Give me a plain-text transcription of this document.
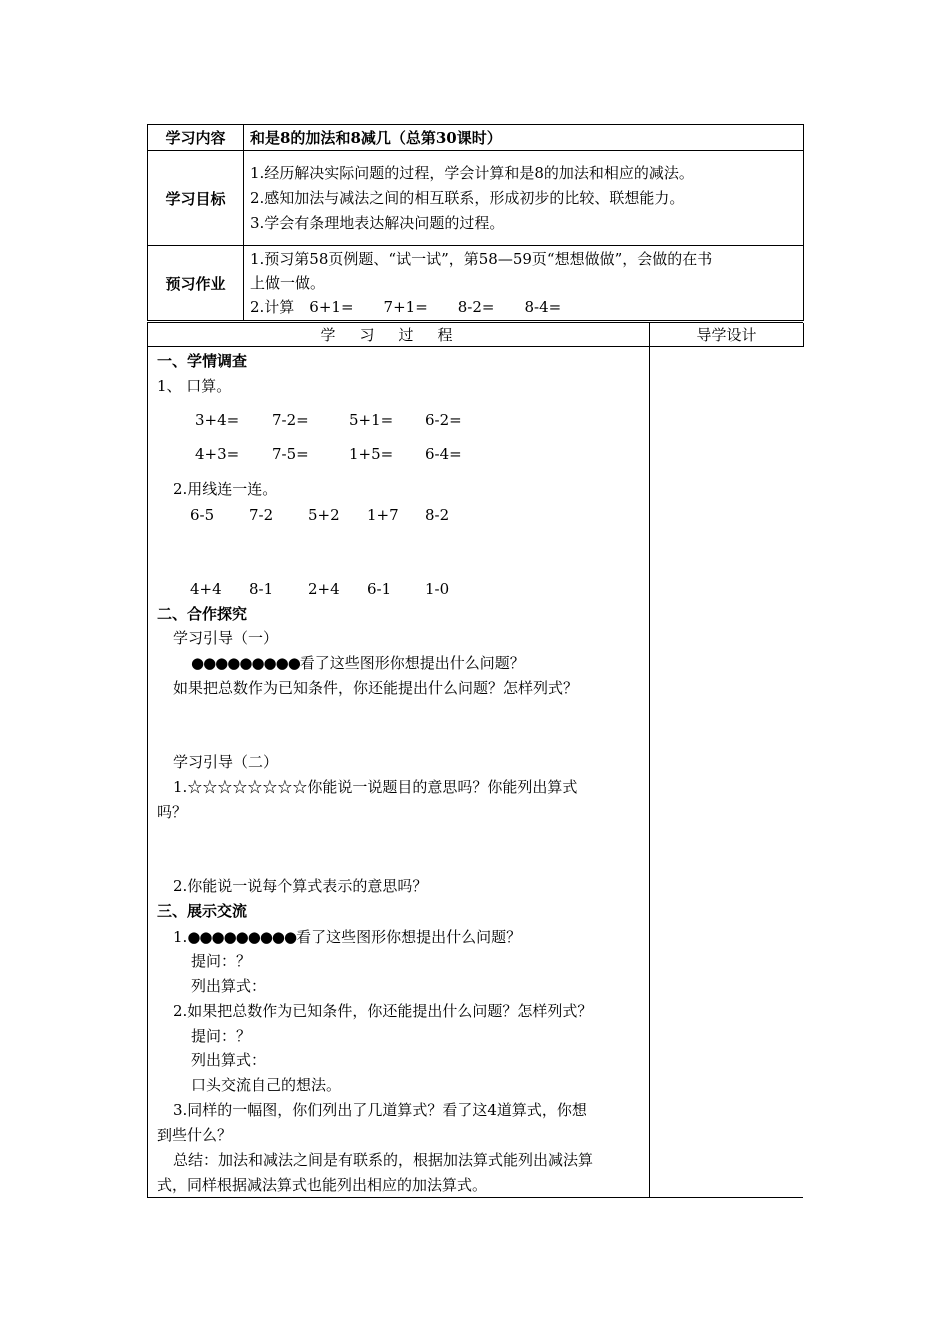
学习内容	和是8的加法和8减几（总第30课时）
学习目标	1.经历解决实际问题的过程，学会计算和是8的加法和相应的减法。
2.感知加法与减法之间的相互联系，形成初步的比较、联想能力。
3.学会有条理地表达解决问题的过程。

预习作业	1.预习第58页例题、“试一试”，第58—59页“想想做做”，会做的在书
上做一做。
2.计算　6+1=　　7+1=　　8-2=　　8-4=
学习过程	导学设计
一、学情调查
1、 口算。
3+4= 7-2=	5+1= 6-2=
4+3= 7-5=	1+5= 6-4=
2.用线连一连。
6-5 7-2 5+2 1+7 8-2
4+4 8-1 2+4 6-1 1-0
二、合作探究
学习引导（一）
●●●●●●●●●看了这些图形你想提出什么问题？
如果把总数作为已知条件，你还能提出什么问题？怎样列式？
学习引导（二）
1.☆☆☆☆☆☆☆☆你能说一说题目的意思吗？你能列出算式
吗？
2.你能说一说每个算式表示的意思吗？
三、展示交流
1.●●●●●●●●●看了这些图形你想提出什么问题？
提问：？
列出算式：
2.如果把总数作为已知条件，你还能提出什么问题？怎样列式？
提问：？
列出算式：
口头交流自己的想法。
3.同样的一幅图，你们列出了几道算式？看了这4道算式，你想
到些什么？
总结：加法和减法之间是有联系的，根据加法算式能列出减法算
式，同样根据减法算式也能列出相应的加法算式。
